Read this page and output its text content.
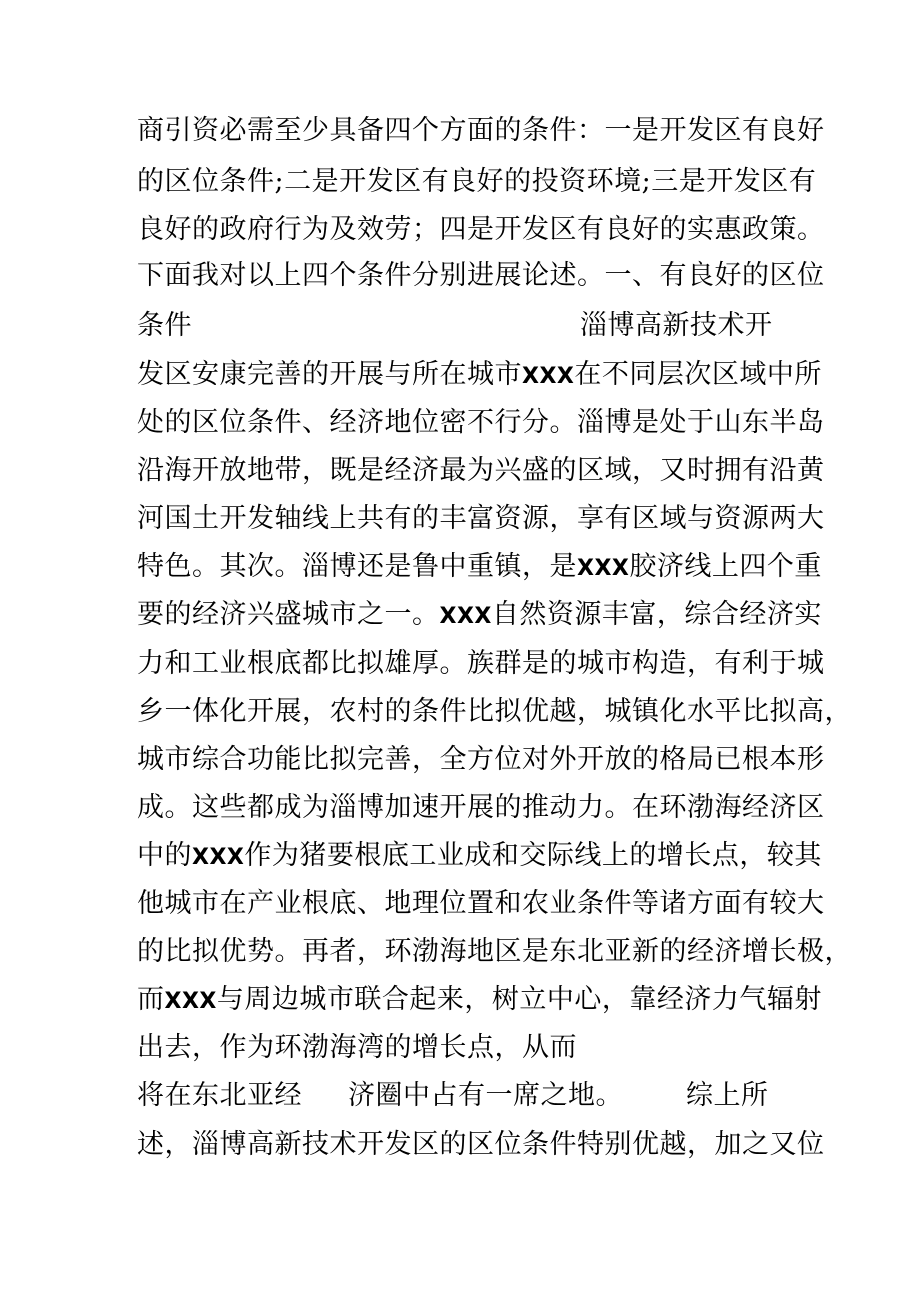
商引资必需至少具备四个方面的条件：一是开发区有良好
的区位条件;二是开发区有良好的投资环境;三是开发区有
良好的政府行为及效劳；四是开发区有良好的实惠政策。
下面我对以上四个条件分别进展论述。一、有良好的区位
条件	淄博高新技术开
发区安康完善的开展与所在城市XXX在不同层次区域中所
处的区位条件、经济地位密不行分。淄博是处于山东半岛
沿海开放地带，既是经济最为兴盛的区域，又时拥有沿黄
河国土开发轴线上共有的丰富资源，享有区域与资源两大
特色。其次。淄博还是鲁中重镇，是XXX胶济线上四个重
要的经济兴盛城市之一。XXX自然资源丰富，综合经济实
力和工业根底都比拟雄厚。族群是的城市构造，有利于城
乡一体化开展，农村的条件比拟优越，城镇化水平比拟高，
城市综合功能比拟完善，全方位对外开放的格局已根本形
成。这些都成为淄博加速开展的推动力。在环渤海经济区
中的XXX作为猪要根底工业成和交际线上的增长点，较其
他城市在产业根底、地理位置和农业条件等诸方面有较大
的比拟优势。再者，环渤海地区是东北亚新的经济增长极，
而XXX与周边城市联合起来，树立中心，靠经济力气辐射
出去，作为环渤海湾的增长点，从而
将在东北亚经 济圈中占有一席之地。 综上所
述，淄博高新技术开发区的区位条件特别优越，加之又位
